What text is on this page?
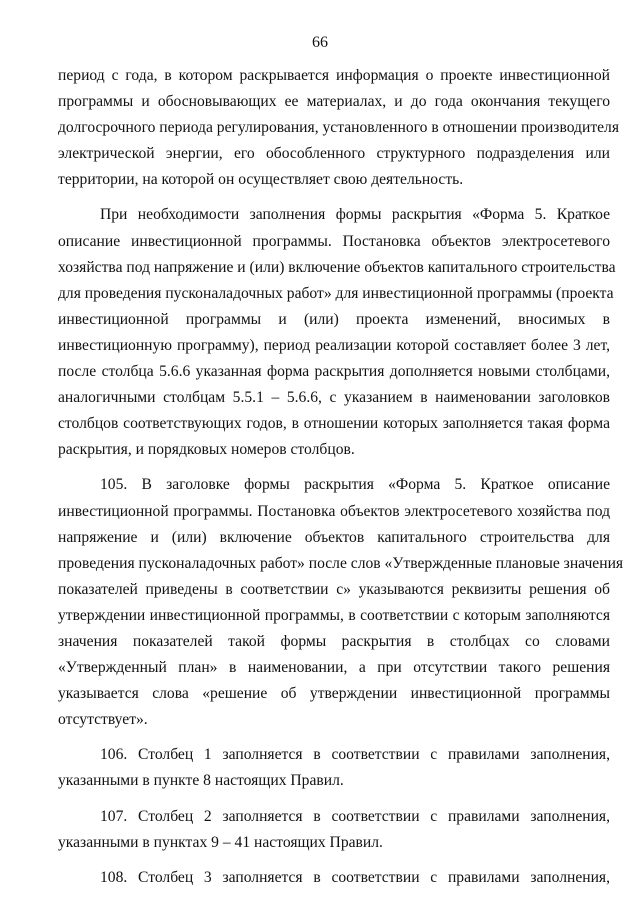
66
период с года, в котором раскрывается информация о проекте инвестиционной
программы и обосновывающих ее материалах, и до года окончания текущего
долгосрочного периода регулирования, установленного в отношении производителя
электрической энергии, его обособленного структурного подразделения или
территории, на которой он осуществляет свою деятельность.
При необходимости заполнения формы раскрытия «Форма 5. Краткое
описание инвестиционной программы. Постановка объектов электросетевого
хозяйства под напряжение и (или) включение объектов капитального строительства
для проведения пусконаладочных работ» для инвестиционной программы (проекта
инвестиционной программы и (или) проекта изменений, вносимых в
инвестиционную программу), период реализации которой составляет более 3 лет,
после столбца 5.6.6 указанная форма раскрытия дополняется новыми столбцами,
аналогичными столбцам 5.5.1 – 5.6.6, с указанием в наименовании заголовков
столбцов соответствующих годов, в отношении которых заполняется такая форма
раскрытия, и порядковых номеров столбцов.
105. В заголовке формы раскрытия «Форма 5. Краткое описание
инвестиционной программы. Постановка объектов электросетевого хозяйства под
напряжение и (или) включение объектов капитального строительства для
проведения пусконаладочных работ» после слов «Утвержденные плановые значения
показателей приведены в соответствии с» указываются реквизиты решения об
утверждении инвестиционной программы, в соответствии с которым заполняются
значения показателей такой формы раскрытия в столбцах со словами
«Утвержденный план» в наименовании, а при отсутствии такого решения
указывается слова «решение об утверждении инвестиционной программы
отсутствует».
106. Столбец 1 заполняется в соответствии с правилами заполнения,
указанными в пункте 8 настоящих Правил.
107. Столбец 2 заполняется в соответствии с правилами заполнения,
указанными в пунктах 9 – 41 настоящих Правил.
108. Столбец 3 заполняется в соответствии с правилами заполнения,
